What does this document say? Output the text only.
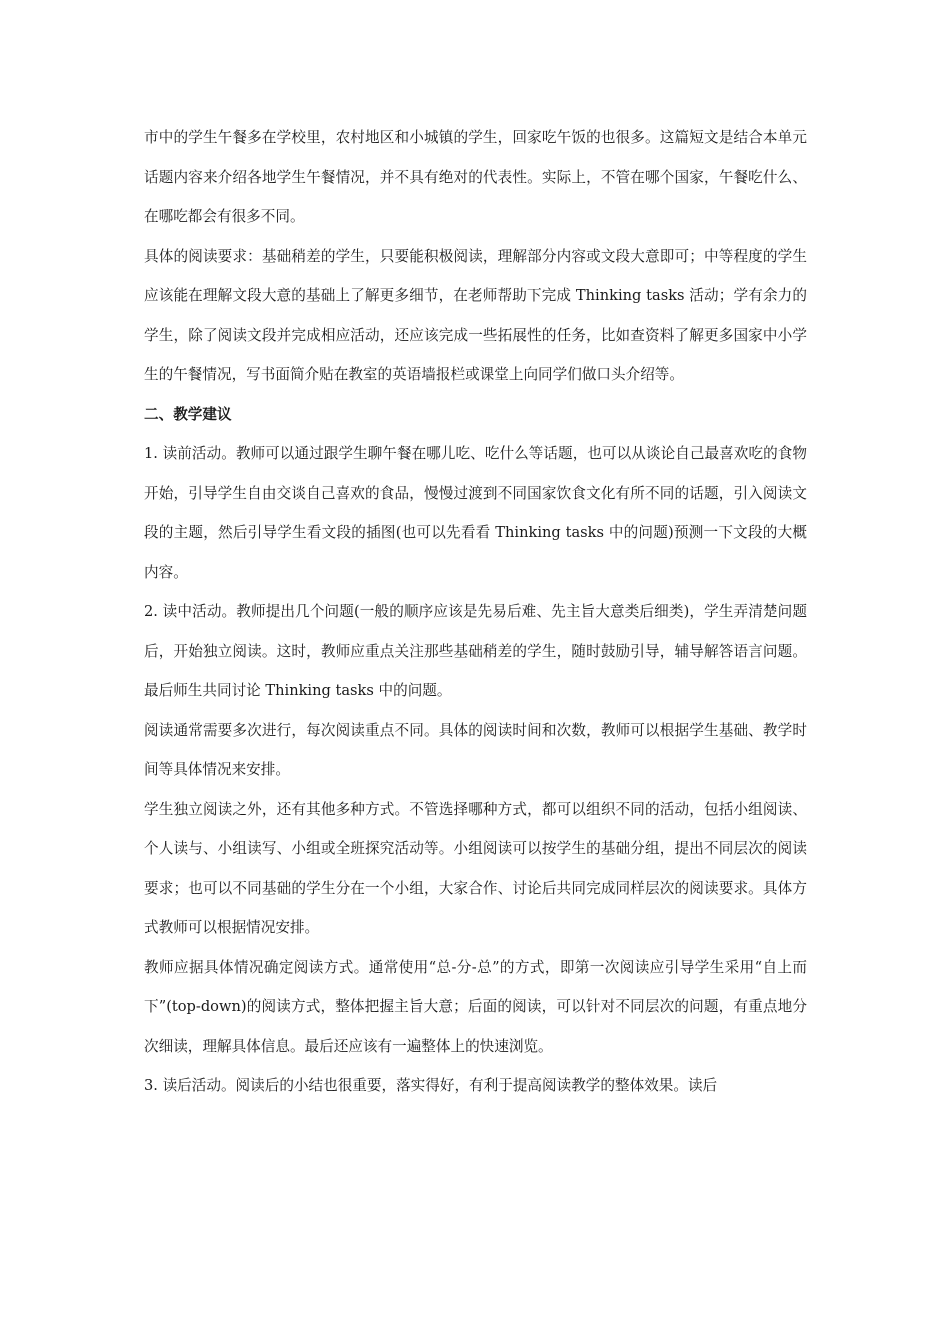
市中的学生午餐多在学校里，农村地区和小城镇的学生，回家吃午饭的也很多。这篇短文是结合本单元话题内容来介绍各地学生午餐情况，并不具有绝对的代表性。实际上，不管在哪个国家，午餐吃什么、在哪吃都会有很多不同。

具体的阅读要求：基础稍差的学生，只要能积极阅读，理解部分内容或文段大意即可；中等程度的学生应该能在理解文段大意的基础上了解更多细节，在老师帮助下完成 Thinking tasks 活动；学有余力的学生，除了阅读文段并完成相应活动，还应该完成一些拓展性的任务，比如查资料了解更多国家中小学生的午餐情况，写书面简介贴在教室的英语墙报栏或课堂上向同学们做口头介绍等。

二、教学建议

1. 读前活动。教师可以通过跟学生聊午餐在哪儿吃、吃什么等话题，也可以从谈论自己最喜欢吃的食物开始，引导学生自由交谈自己喜欢的食品，慢慢过渡到不同国家饮食文化有所不同的话题，引入阅读文段的主题，然后引导学生看文段的插图(也可以先看看 Thinking tasks 中的问题)预测一下文段的大概内容。

2. 读中活动。教师提出几个问题(一般的顺序应该是先易后难、先主旨大意类后细类)，学生弄清楚问题后，开始独立阅读。这时，教师应重点关注那些基础稍差的学生，随时鼓励引导，辅导解答语言问题。最后师生共同讨论 Thinking tasks 中的问题。

阅读通常需要多次进行，每次阅读重点不同。具体的阅读时间和次数，教师可以根据学生基础、教学时间等具体情况来安排。

学生独立阅读之外，还有其他多种方式。不管选择哪种方式，都可以组织不同的活动，包括小组阅读、个人读与、小组读写、小组或全班探究活动等。小组阅读可以按学生的基础分组，提出不同层次的阅读要求；也可以不同基础的学生分在一个小组，大家合作、讨论后共同完成同样层次的阅读要求。具体方式教师可以根据情况安排。

教师应据具体情况确定阅读方式。通常使用“总-分-总”的方式，即第一次阅读应引导学生采用“自上而下”(top-down)的阅读方式，整体把握主旨大意；后面的阅读，可以针对不同层次的问题，有重点地分次细读，理解具体信息。最后还应该有一遍整体上的快速浏览。

3. 读后活动。阅读后的小结也很重要，落实得好，有利于提高阅读教学的整体效果。读后
